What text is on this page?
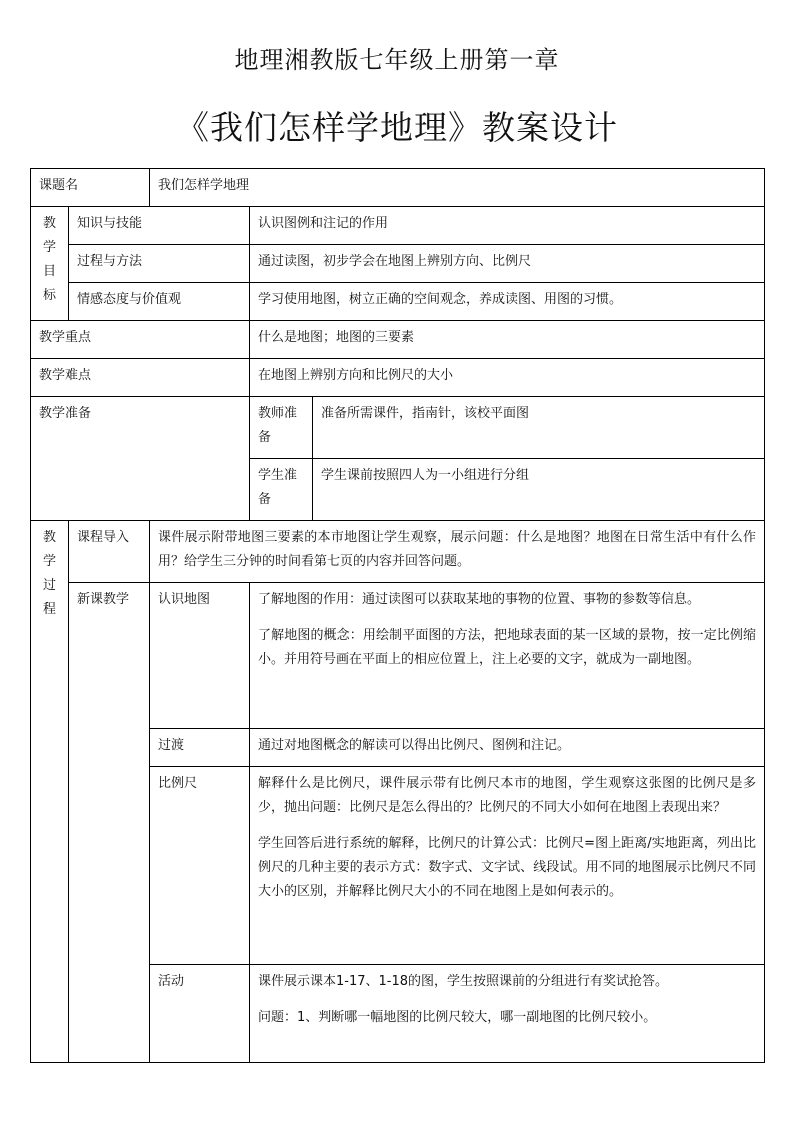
地理湘教版七年级上册第一章
《我们怎样学地理》教案设计
课题名		我们怎样学地理		

教
学
目
标	知识与技能		认识图例和注记的作用	
	过程与方法		通过读图，初步学会在地图上辨别方向、比例尺	
	情感态度与价值观		学习使用地图，树立正确的空间观念，养成读图、用图的习惯。	
教学重点			什么是地图；地图的三要素	
教学难点			在地图上辨别方向和比例尺的大小	
教学准备			教师准备	准备所需课件，指南针，该校平面图
			学生准备	学生课前按照四人为一小组进行分组

教
学
过
程	课程导入	课件展示附带地图三要素的本市地图让学生观察，展示问题：什么是地图？地图在日常生活中有什么作用？给学生三分钟的时间看第七页的内容并回答问题。		
	新课教学	认识地图	了解地图的作用：通过读图可以获取某地的事物的位置、事物的参数等信息。

了解地图的概念：用绘制平面图的方法，把地球表面的某一区域的景物，按一定比例缩小。并用符号画在平面上的相应位置上，注上必要的文字，就成为一副地图。	

		过渡	通过对地图概念的解读可以得出比例尺、图例和注记。	

		比例尺	解释什么是比例尺，课件展示带有比例尺本市的地图，学生观察这张图的比例尺是多少，抛出问题：比例尺是怎么得出的？比例尺的不同大小如何在地图上表现出来？

学生回答后进行系统的解释，比例尺的计算公式：比例尺=图上距离/实地距离，列出比例尺的几种主要的表示方式：数字式、文字试、线段试。用不同的地图展示比例尺不同大小的区别，并解释比例尺大小的不同在地图上是如何表示的。	

		活动	课件展示课本1-17、1-18的图，学生按照课前的分组进行有奖试抢答。

问题：1、判断哪一幅地图的比例尺较大，哪一副地图的比例尺较小。	
